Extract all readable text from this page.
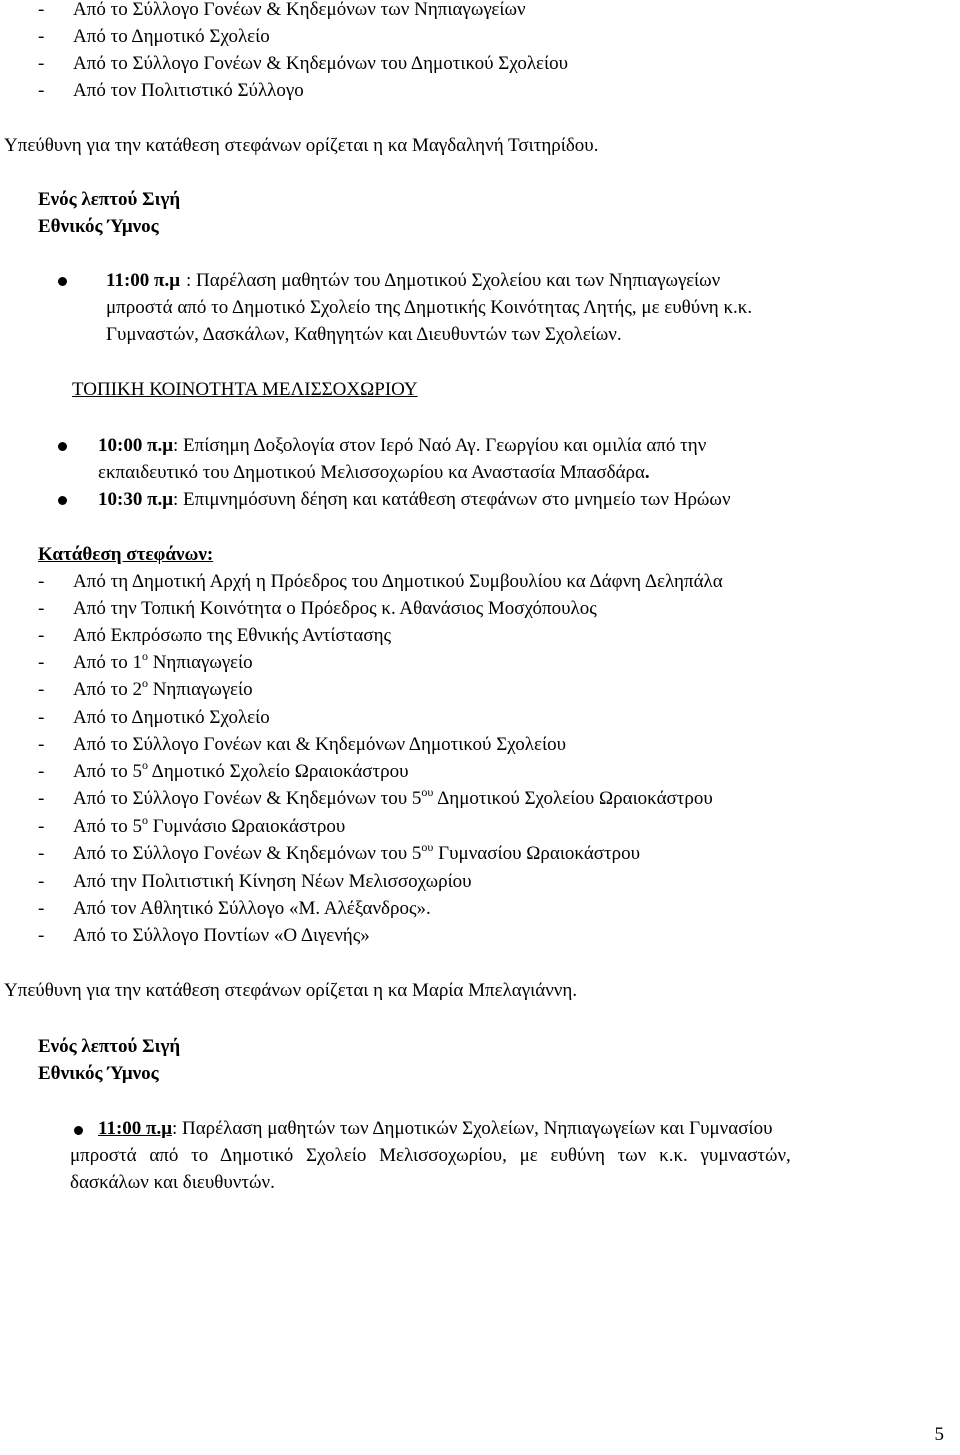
- Από το Σύλλογο Γονέων & Κηδεμόνων των Νηπιαγωγείων
- Από το Δημοτικό Σχολείο
- Από το Σύλλογο Γονέων & Κηδεμόνων του Δημοτικού Σχολείου
- Από τον Πολιτιστικό Σύλλογο
Υπεύθυνη για την κατάθεση στεφάνων ορίζεται η κα Μαγδαληνή Τσιτηρίδου.
Ενός λεπτού Σιγή
Εθνικός Ύμνος
11:00 π.μ : Παρέλαση μαθητών του Δημοτικού Σχολείου και των Νηπιαγωγείων
μπροστά από το Δημοτικό Σχολείο της Δημοτικής Κοινότητας Λητής, με ευθύνη κ.κ.
Γυμναστών, Δασκάλων, Καθηγητών και Διευθυντών των Σχολείων.
ΤΟΠΙΚΗ ΚΟΙΝΟΤΗΤΑ ΜΕΛΙΣΣΟΧΩΡΙΟΥ
10:00 π.μ: Επίσημη Δοξολογία στον Ιερό Ναό Αγ. Γεωργίου και ομιλία από την
εκπαιδευτικό του Δημοτικού Μελισσοχωρίου κα Αναστασία Μπασδάρα.
10:30 π.μ: Επιμνημόσυνη δέηση και κατάθεση στεφάνων στο μνημείο των Ηρώων
Κατάθεση στεφάνων:
- Από τη Δημοτική Αρχή η Πρόεδρος του Δημοτικού Συμβουλίου κα Δάφνη Δεληπάλα
- Από την Τοπική Κοινότητα ο Πρόεδρος κ. Αθανάσιος Μοσχόπουλος
- Από Εκπρόσωπο της Εθνικής Αντίστασης
- Από το $1^o$ Νηπιαγωγείο
- Από το $2^o$ Νηπιαγωγείο
- Από το Δημοτικό Σχολείο
- Από το Σύλλογο Γονέων και & Κηδεμόνων Δημοτικού Σχολείου
- Από το $5^o$ Δημοτικό Σχολείο Ωραιοκάστρου
- Από το Σύλλογο Γονέων & Κηδεμόνων του $5^{o\upsilon}$ Δημοτικού Σχολείου Ωραιοκάστρου
- Από το $5^o$ Γυμνάσιο Ωραιοκάστρου
- Από το Σύλλογο Γονέων & Κηδεμόνων του $5^{o\upsilon}$ Γυμνασίου Ωραιοκάστρου
- Από την Πολιτιστική Κίνηση Νέων Μελισσοχωρίου
- Από τον Αθλητικό Σύλλογο «Μ. Αλέξανδρος».
- Από το Σύλλογο Ποντίων «Ο Διγενής»
Υπεύθυνη για την κατάθεση στεφάνων ορίζεται η κα Μαρία Μπελαγιάννη.
Ενός λεπτού Σιγή
Εθνικός Ύμνος
11:00 π.μ: Παρέλαση μαθητών των Δημοτικών Σχολείων, Νηπιαγωγείων και Γυμνασίου
μπροστά από το Δημοτικό Σχολείο Μελισσοχωρίου, με ευθύνη των κ.κ. γυμναστών,
δασκάλων και διευθυντών.
5
